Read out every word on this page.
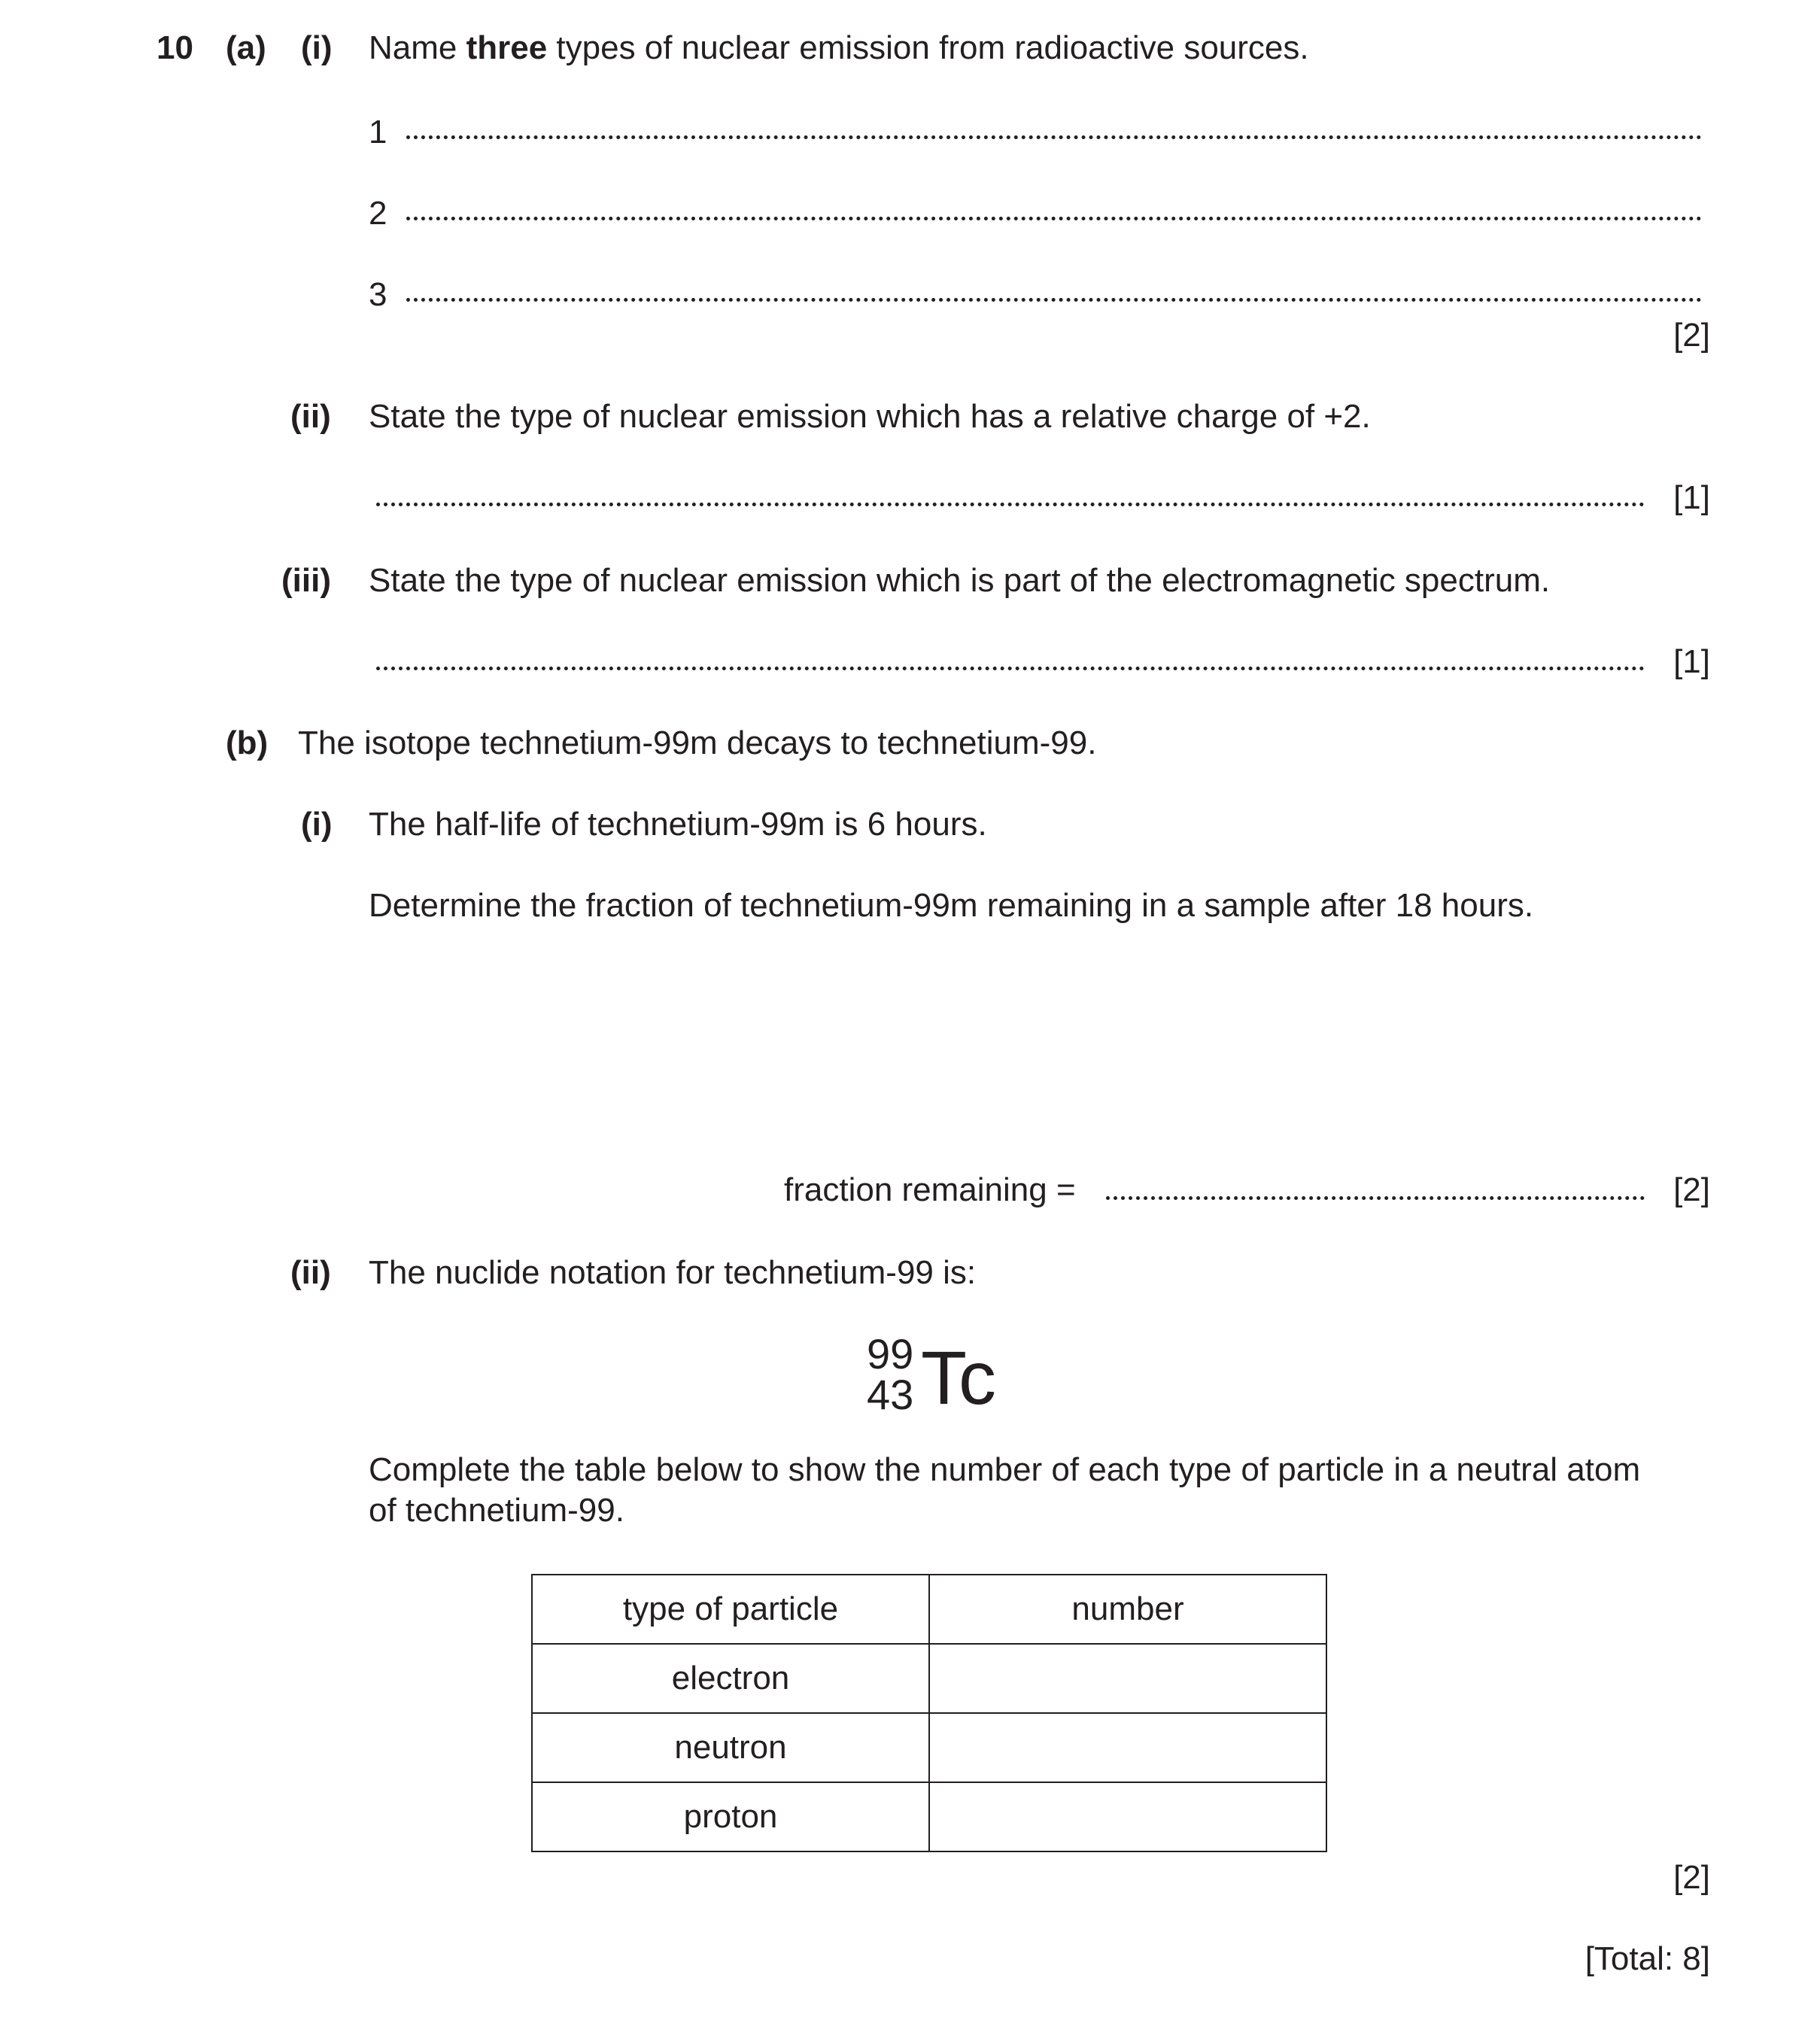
10 (a) (i) Name three types of nuclear emission from radioactive sources.
1
2
3
[2]
(ii) State the type of nuclear emission which has a relative charge of +2.
[1]
(iii) State the type of nuclear emission which is part of the electromagnetic spectrum.
[1]
(b) The isotope technetium-99m decays to technetium-99.
(i) The half-life of technetium-99m is 6 hours.
Determine the fraction of technetium-99m remaining in a sample after 18 hours.
fraction remaining =	[2]
(ii) The nuclide notation for technetium-99 is:
99
43 Tc
Complete the table below to show the number of each type of particle in a neutral atom
of technetium-99.
type of particle	number
electron	
neutron	
proton	
[2]
[Total: 8]
